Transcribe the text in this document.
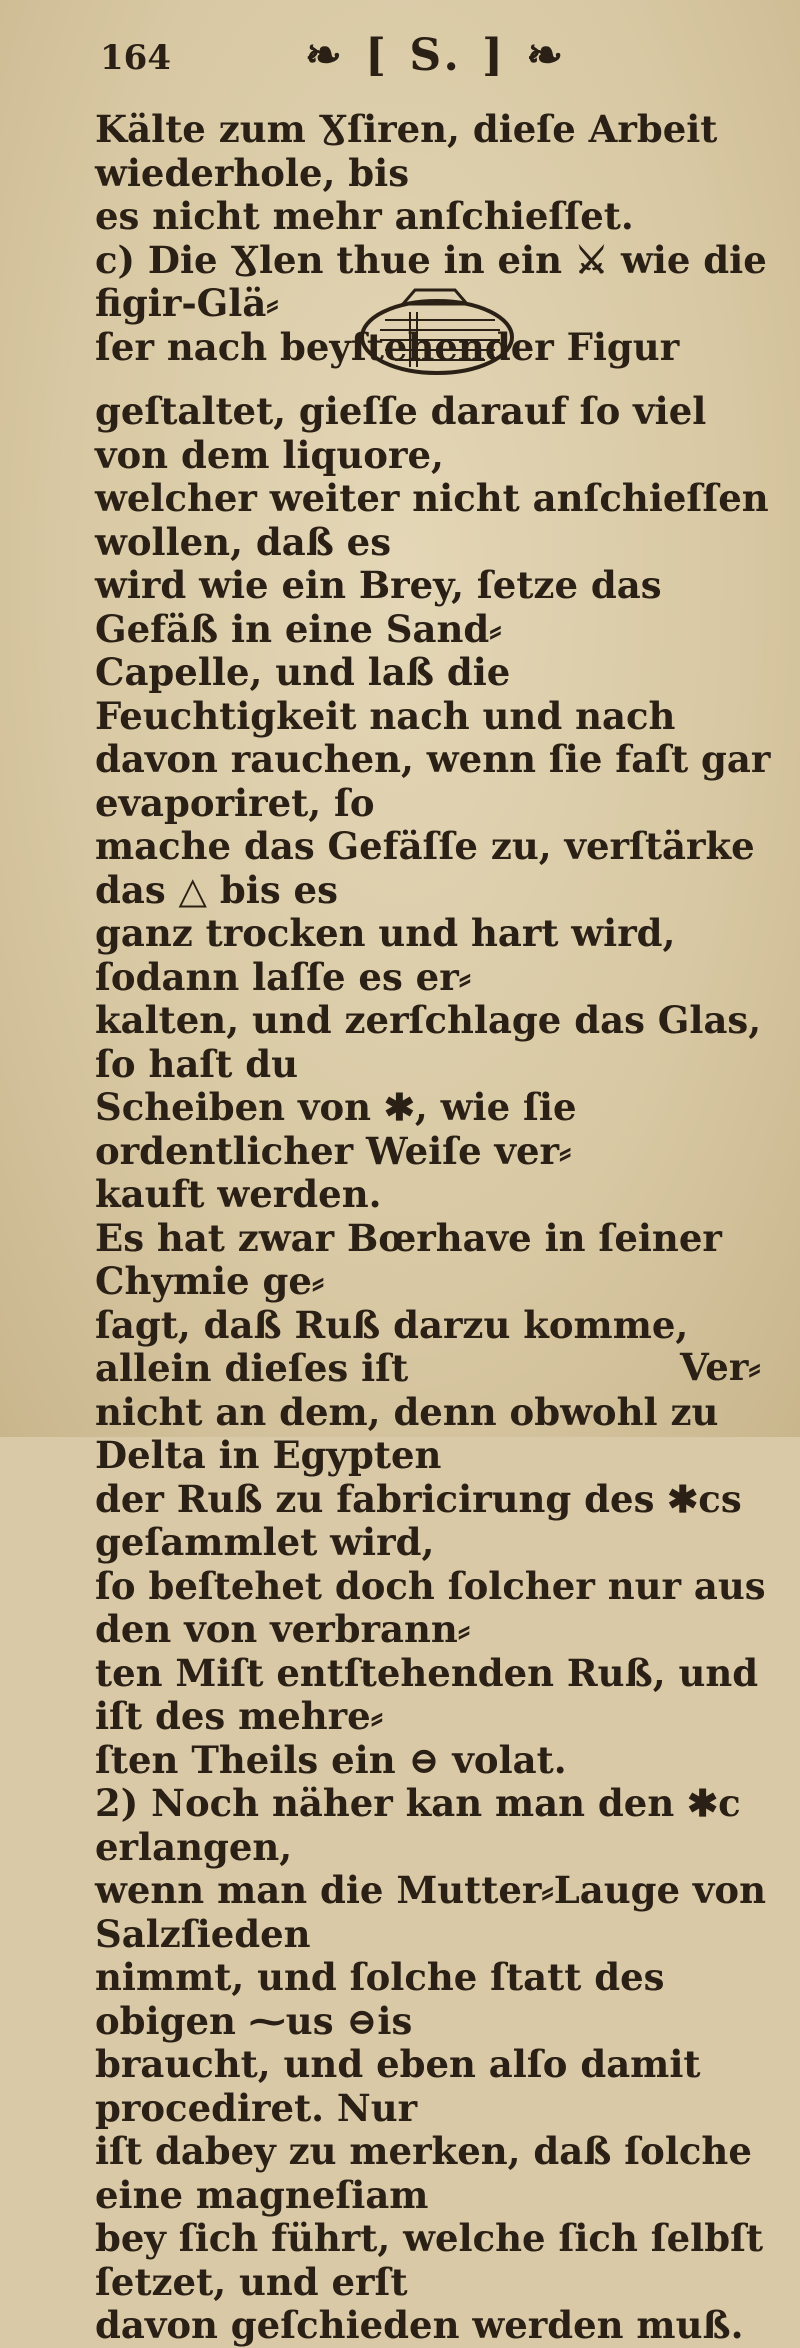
164	❧ [ S. ] ❧
Kälte zum Ɣſiren, dieſe Arbeit wiederhole, bis
es nicht mehr anſchieſſet.
c) Die Ɣlen thue in ein ⚔ wie die figir-Glä⸗
ſer nach beyſtehender Figur
geſtaltet, gieſſe darauf ſo viel von dem liquore,
welcher weiter nicht anſchieſſen wollen, daß es
wird wie ein Brey, ſetze das Gefäß in eine Sand⸗
Capelle, und laß die Feuchtigkeit nach und nach
davon rauchen, wenn ſie faſt gar evaporiret, ſo
mache das Gefäſſe zu, verſtärke das △ bis es
ganz trocken und hart wird, ſodann laſſe es er⸗
kalten, und zerſchlage das Glas, ſo haſt du
Scheiben von ✱, wie ſie ordentlicher Weiſe ver⸗
kauft werden.
Es hat zwar Bœrhave in ſeiner Chymie ge⸗
ſagt, daß Ruß darzu komme, allein dieſes iſt
nicht an dem, denn obwohl zu Delta in Egypten
der Ruß zu fabricirung des ✱cs geſammlet wird,
ſo beſtehet doch ſolcher nur aus den von verbrann⸗
ten Miſt entſtehenden Ruß, und iſt des mehre⸗
ſten Theils ein ⊖ volat.
2) Noch näher kan man den ✱c erlangen,
wenn man die Mutter⸗Lauge von Salzſieden
nimmt, und ſolche ſtatt des obigen ⁓us ⊖is
braucht, und eben alſo damit procediret. Nur
iſt dabey zu merken, daß ſolche eine magneſiam
bey ſich führt, welche ſich ſelbſt ſetzet, und erſt
davon geſchieden werden muß.
Ver⸗
